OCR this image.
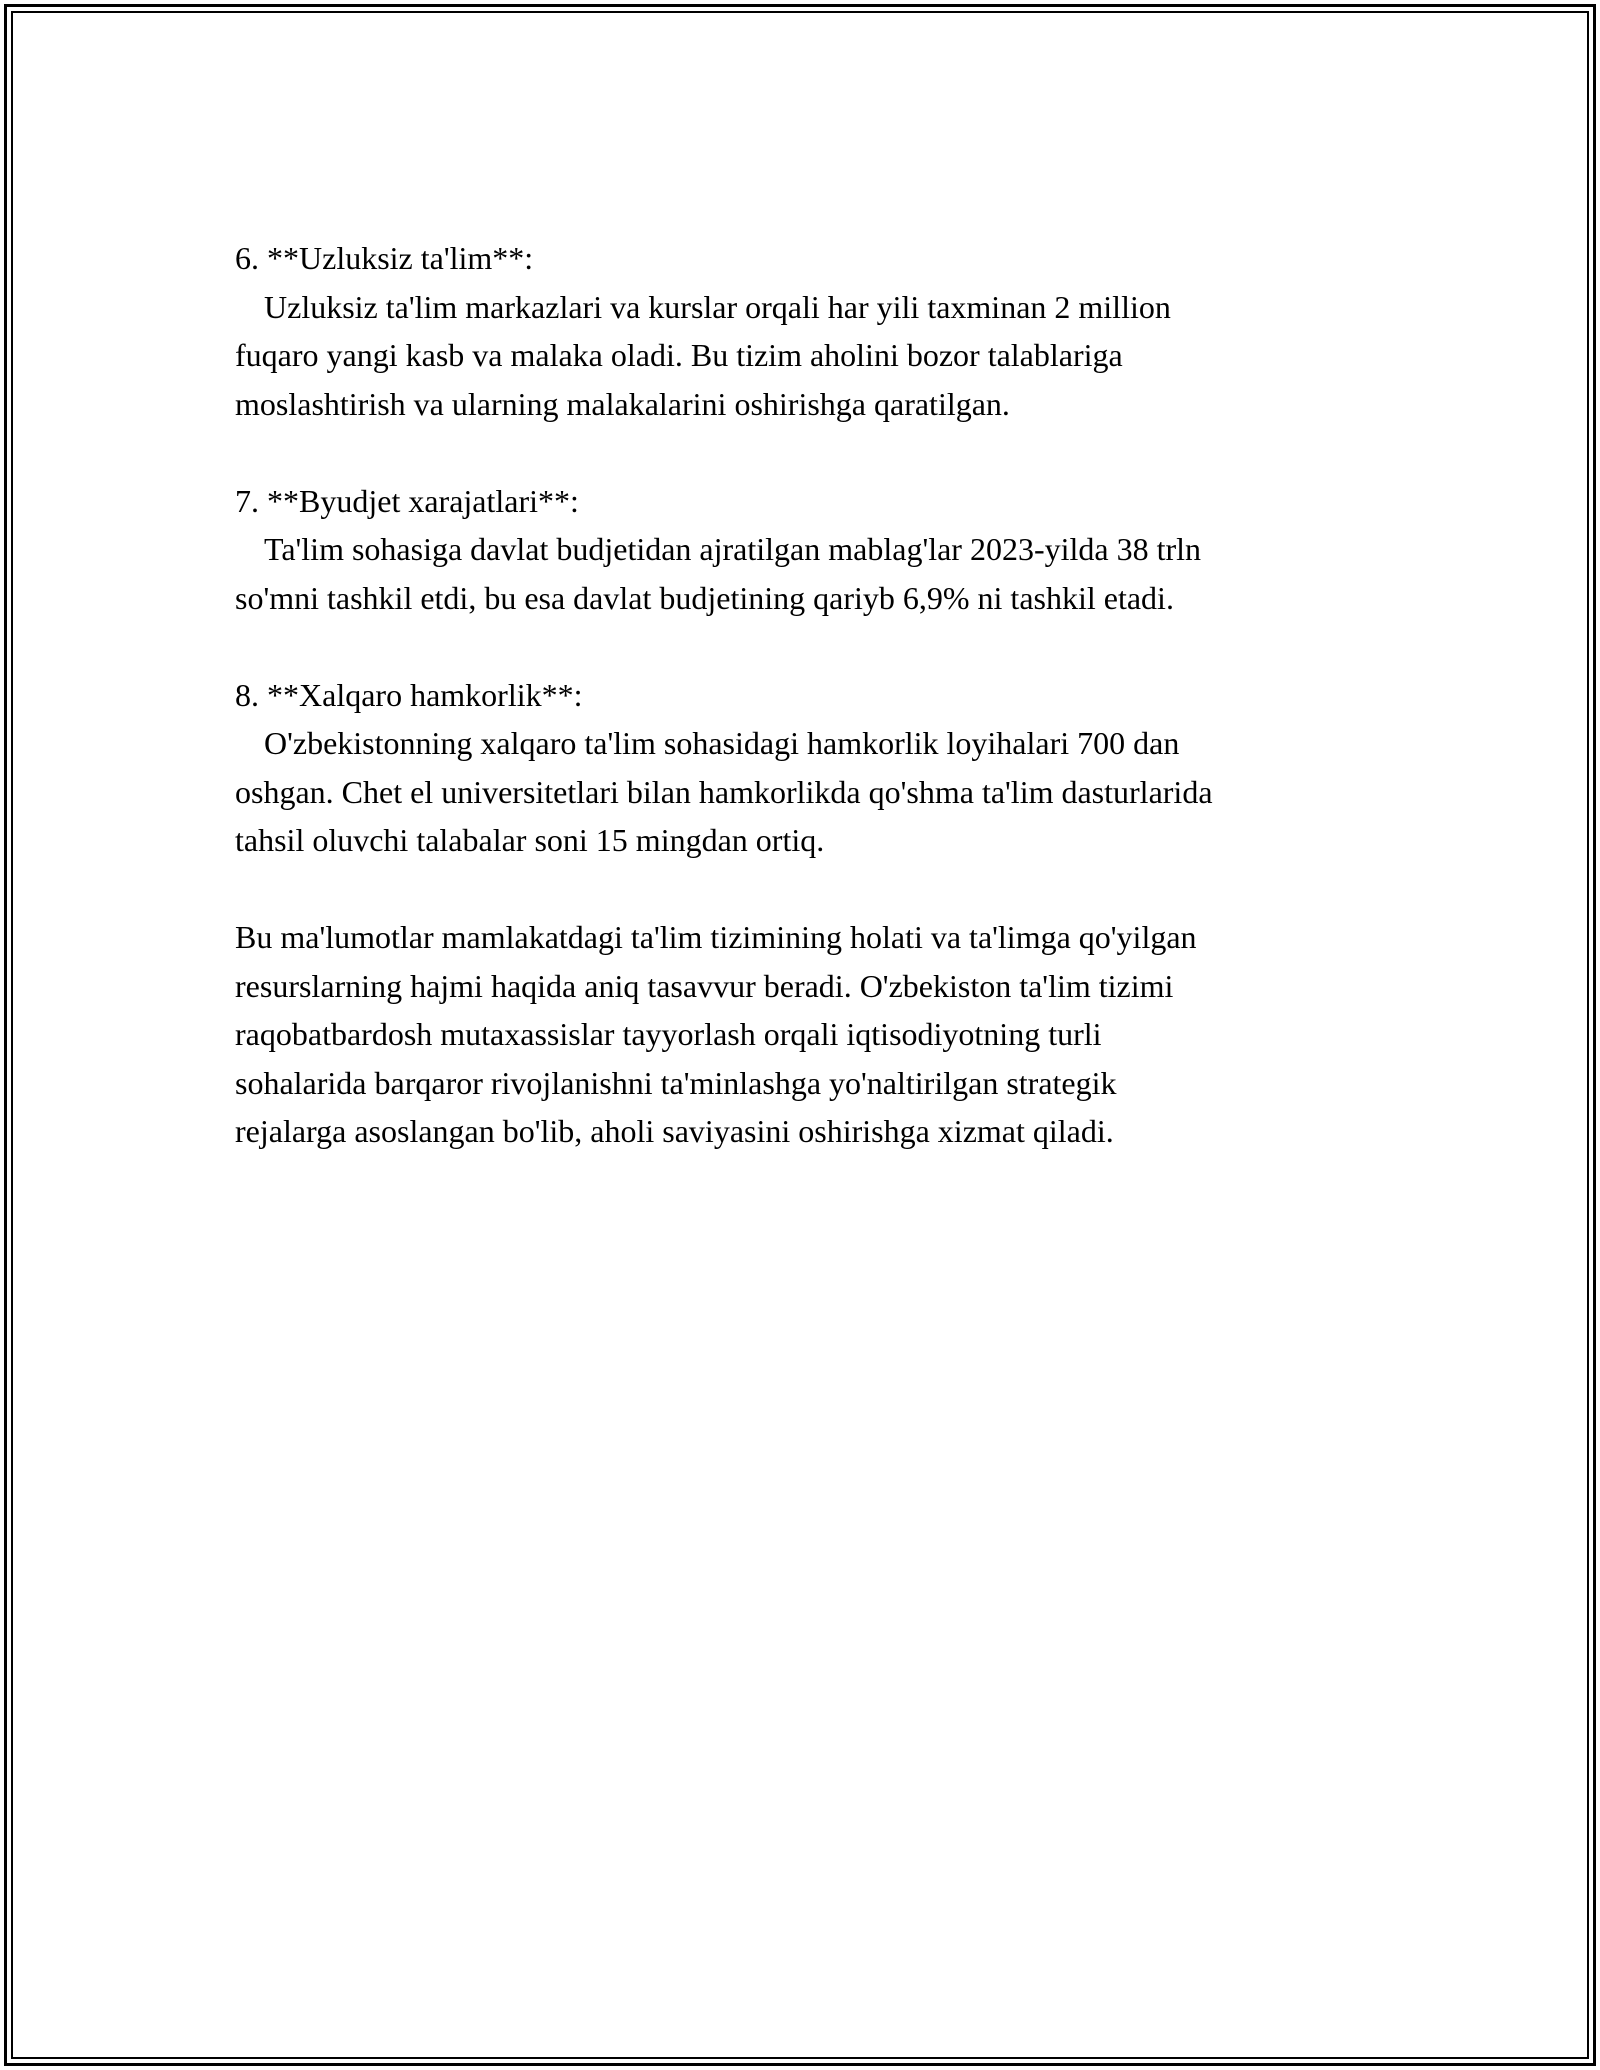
6. **Uzluksiz ta'lim**:
Uzluksiz ta'lim markazlari va kurslar orqali har yili taxminan 2 million
fuqaro yangi kasb va malaka oladi. Bu tizim aholini bozor talablariga
moslashtirish va ularning malakalarini oshirishga qaratilgan.
7. **Byudjet xarajatlari**:
Ta'lim sohasiga davlat budjetidan ajratilgan mablag'lar 2023-yilda 38 trln
so'mni tashkil etdi, bu esa davlat budjetining qariyb 6,9% ni tashkil etadi.
8. **Xalqaro hamkorlik**:
O'zbekistonning xalqaro ta'lim sohasidagi hamkorlik loyihalari 700 dan
oshgan. Chet el universitetlari bilan hamkorlikda qo'shma ta'lim dasturlarida
tahsil oluvchi talabalar soni 15 mingdan ortiq.
Bu ma'lumotlar mamlakatdagi ta'lim tizimining holati va ta'limga qo'yilgan
resurslarning hajmi haqida aniq tasavvur beradi. O'zbekiston ta'lim tizimi
raqobatbardosh mutaxassislar tayyorlash orqali iqtisodiyotning turli
sohalarida barqaror rivojlanishni ta'minlashga yo'naltirilgan strategik
rejalarga asoslangan bo'lib, aholi saviyasini oshirishga xizmat qiladi.
